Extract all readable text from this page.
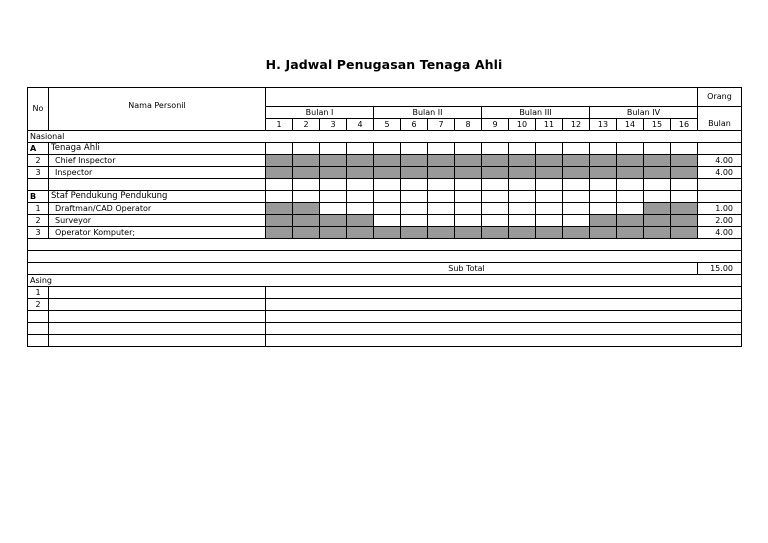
H. Jadwal Penugasan Tenaga Ahli
No	Nama Personil																	Orang
		Bulan I				Bulan II				Bulan III				Bulan IV				
		1	2	3	4	5	6	7	8	9	10	11	12	13	14	15	16	Bulan
Nasional																		
A	Tenaga Ahli																	
2	Chief Inspector																	4.00
3	Inspector																	4.00

B	Staf Pendukung Pendukung																	
1	Draftman/CAD Operator																	1.00
2	Surveyor																	2.00
3	Operator Komputer;																	4.00

Sub Total																		15.00
Asing																		
1																		
2																		
